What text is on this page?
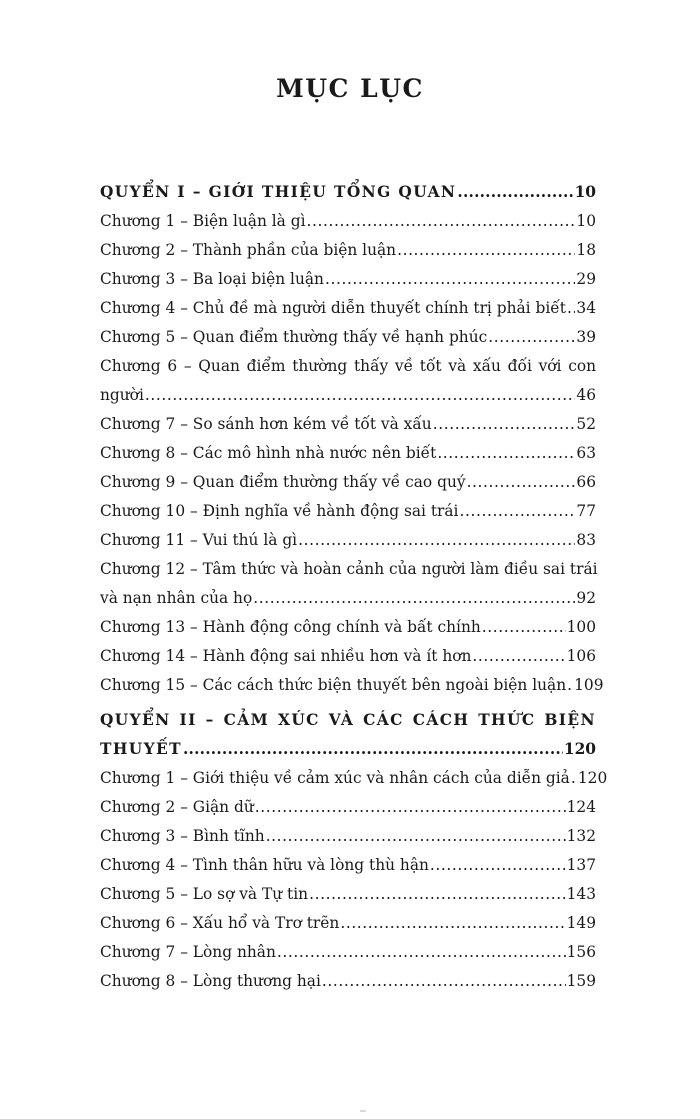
MỤC LỤC
QUYỂN I – GIỚI THIỆU TỔNG QUAN .....	10
Chương 1 – Biện luận là gì .....	10
Chương 2 – Thành phần của biện luận .....	18
Chương 3 – Ba loại biện luận .....	29
Chương 4 – Chủ đề mà người diễn thuyết chính trị phải biết ..... 34
Chương 5 – Quan điểm thường thấy về hạnh phúc .....	39
Chương 6 – Quan điểm thường thấy về tốt và xấu đối với con
người .....	46
Chương 7 – So sánh hơn kém về tốt và xấu .....	52
Chương 8 – Các mô hình nhà nước nên biết .....	63
Chương 9 – Quan điểm thường thấy về cao quý .....	66
Chương 10 – Định nghĩa về hành động sai trái .....	77
Chương 11 – Vui thú là gì .....	83
Chương 12 – Tâm thức và hoàn cảnh của người làm điều sai trái
và nạn nhân của họ .....	92
Chương 13 – Hành động công chính và bất chính .....	100
Chương 14 – Hành động sai nhiều hơn và ít hơn .....	106
Chương 15 – Các cách thức biện thuyết bên ngoài biện luận ..... 109
QUYỂN II – CẢM XÚC VÀ CÁC CÁCH THỨC BIỆN
THUYẾT .....	120
Chương 1 – Giới thiệu về cảm xúc và nhân cách của diễn giả ..... 120
Chương 2 – Giận dữ .....	124
Chương 3 – Bình tĩnh .....	132
Chương 4 – Tình thân hữu và lòng thù hận .....	137
Chương 5 – Lo sợ và Tự tin .....	143
Chương 6 – Xấu hổ và Trơ trẽn .....	149
Chương 7 – Lòng nhân .....	156
Chương 8 – Lòng thương hại .....	159
